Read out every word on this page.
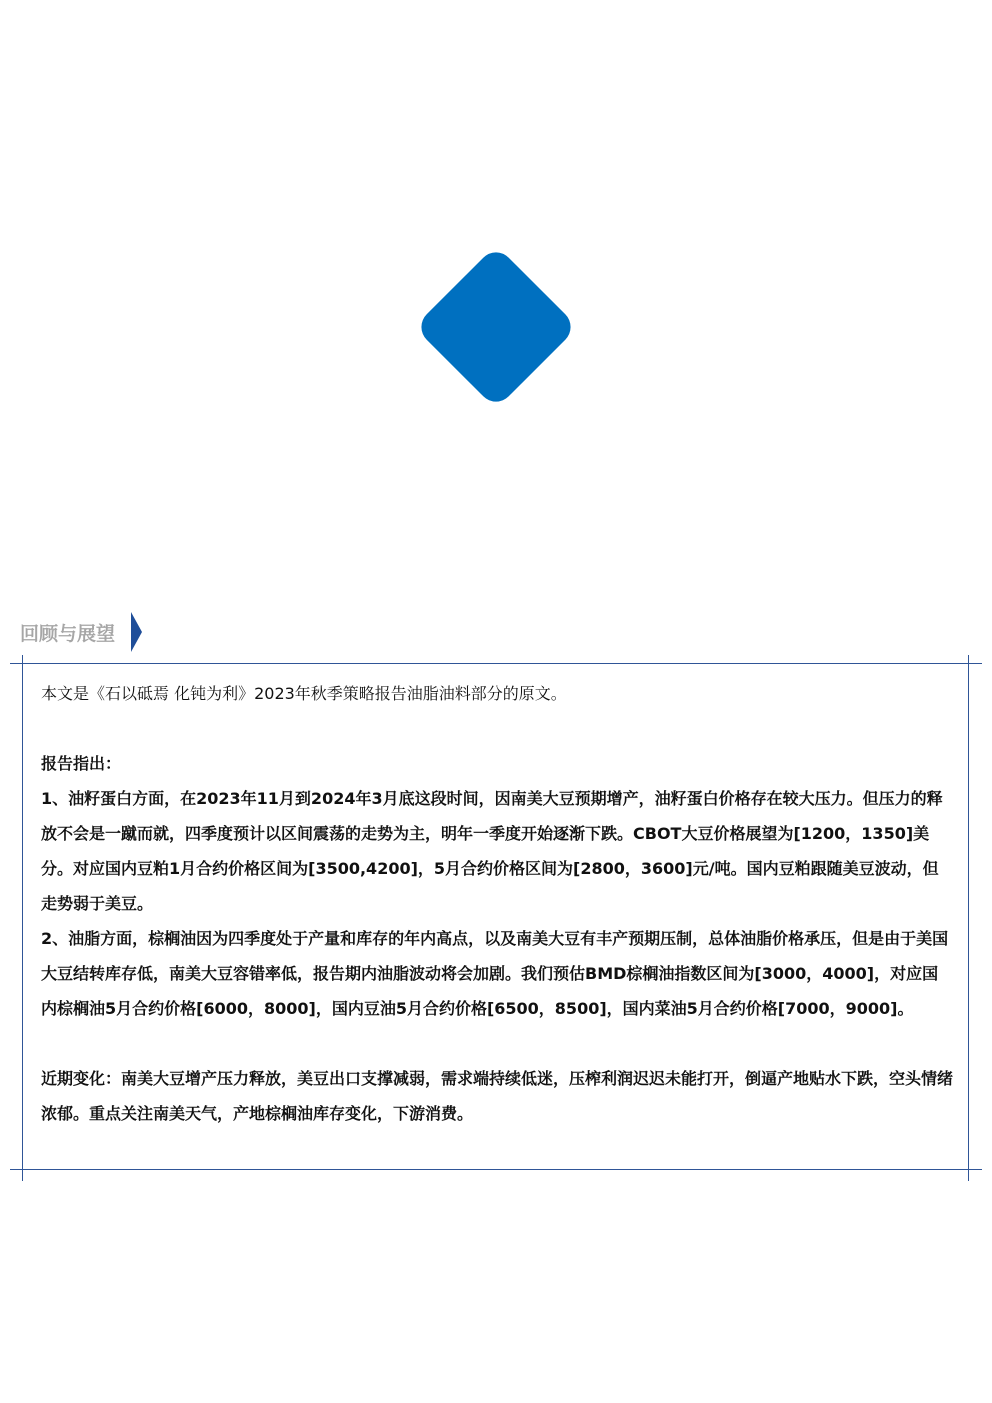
回顾与展望

本文是《石以砥焉 化钝为利》2023年秋季策略报告油脂油料部分的原文。

报告指出：

1、油籽蛋白方面，在2023年11月到2024年3月底这段时间，因南美大豆预期增产，油籽蛋白价格存在较大压力。但压力的释放不会是一蹴而就，四季度预计以区间震荡的走势为主，明年一季度开始逐渐下跌。CBOT大豆价格展望为[1200，1350]美分。对应国内豆粕1月合约价格区间为[3500,4200]，5月合约价格区间为[2800，3600]元/吨。国内豆粕跟随美豆波动，但走势弱于美豆。

2、油脂方面，棕榈油因为四季度处于产量和库存的年内高点，以及南美大豆有丰产预期压制，总体油脂价格承压，但是由于美国大豆结转库存低，南美大豆容错率低，报告期内油脂波动将会加剧。我们预估BMD棕榈油指数区间为[3000，4000]，对应国内棕榈油5月合约价格[6000，8000]，国内豆油5月合约价格[6500，8500]，国内菜油5月合约价格[7000，9000]。

近期变化：南美大豆增产压力释放，美豆出口支撑减弱，需求端持续低迷，压榨利润迟迟未能打开，倒逼产地贴水下跌，空头情绪浓郁。重点关注南美天气，产地棕榈油库存变化，下游消费。
